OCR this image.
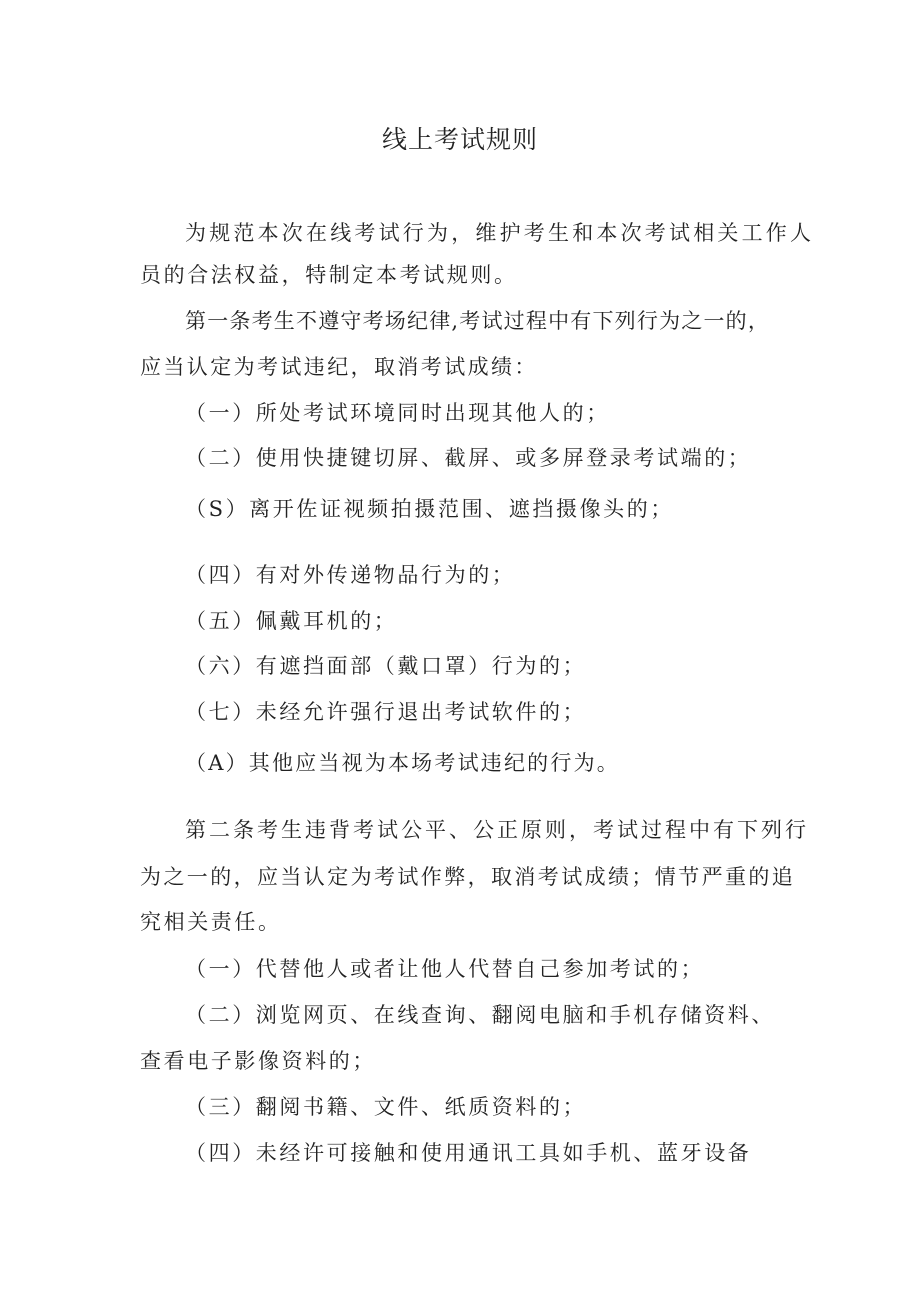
线上考试规则
为规范本次在线考试行为，维护考生和本次考试相关工作人
员的合法权益，特制定本考试规则。
第一条考生不遵守考场纪律,考试过程中有下列行为之一的，
应当认定为考试违纪，取消考试成绩：
（一）所处考试环境同时出现其他人的；
（二）使用快捷键切屏、截屏、或多屏登录考试端的；
（S）离开佐证视频拍摄范围、遮挡摄像头的；
（四）有对外传递物品行为的；
（五）佩戴耳机的；
（六）有遮挡面部（戴口罩）行为的；
（七）未经允许强行退出考试软件的；
（A）其他应当视为本场考试违纪的行为。
第二条考生违背考试公平、公正原则，考试过程中有下列行
为之一的，应当认定为考试作弊，取消考试成绩；情节严重的追
究相关责任。
（一）代替他人或者让他人代替自己参加考试的；
（二）浏览网页、在线查询、翻阅电脑和手机存储资料、
查看电子影像资料的；
（三）翻阅书籍、文件、纸质资料的；
（四）未经许可接触和使用通讯工具如手机、蓝牙设备
